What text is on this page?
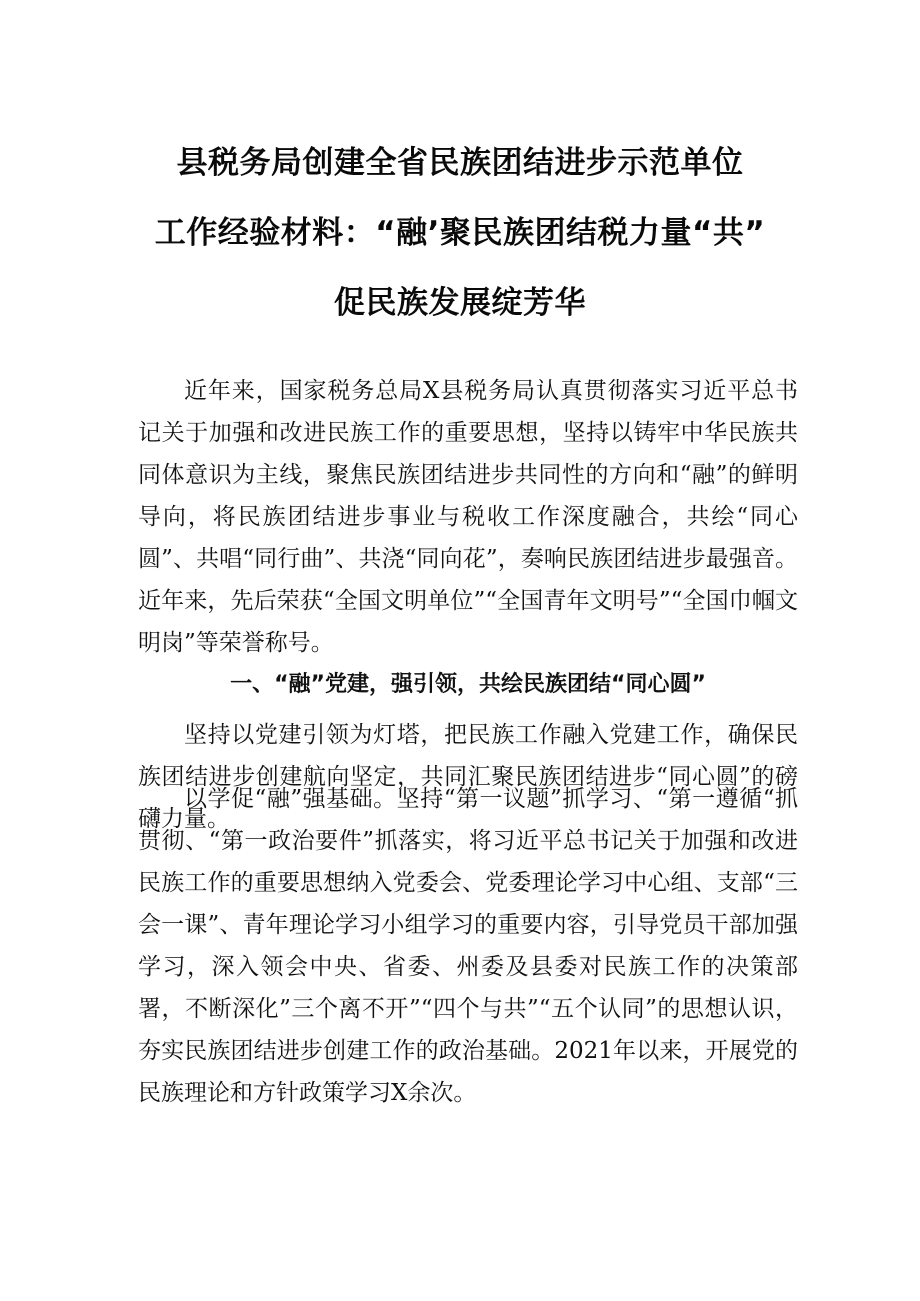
县税务局创建全省民族团结进步示范单位
工作经验材料：“融’聚民族团结税力量“共”
促民族发展绽芳华
近年来，国家税务总局X县税务局认真贯彻落实习近平总书记关于加强和改进民族工作的重要思想，坚持以铸牢中华民族共同体意识为主线，聚焦民族团结进步共同性的方向和“融”的鲜明导向，将民族团结进步事业与税收工作深度融合，共绘“同心圆”、共唱“同行曲”、共浇“同向花”，奏响民族团结进步最强音。近年来，先后荣获“全国文明单位”“全国青年文明号”“全国巾帼文明岗”等荣誉称号。
一、“融”党建，强引领，共绘民族团结“同心圆”
坚持以党建引领为灯塔，把民族工作融入党建工作，确保民族团结进步创建航向坚定，共同汇聚民族团结进步“同心圆”的磅礴力量。
以学促“融”强基础。坚持“第一议题”抓学习、“第一遵循“抓贯彻、“第一政治要件”抓落实，将习近平总书记关于加强和改进民族工作的重要思想纳入党委会、党委理论学习中心组、支部“三会一课”、青年理论学习小组学习的重要内容，引导党员干部加强学习，深入领会中央、省委、州委及县委对民族工作的决策部署，不断深化”三个离不开”“四个与共”“五个认同”的思想认识，夯实民族团结进步创建工作的政治基础。2021年以来，开展党的民族理论和方针政策学习X余次。
